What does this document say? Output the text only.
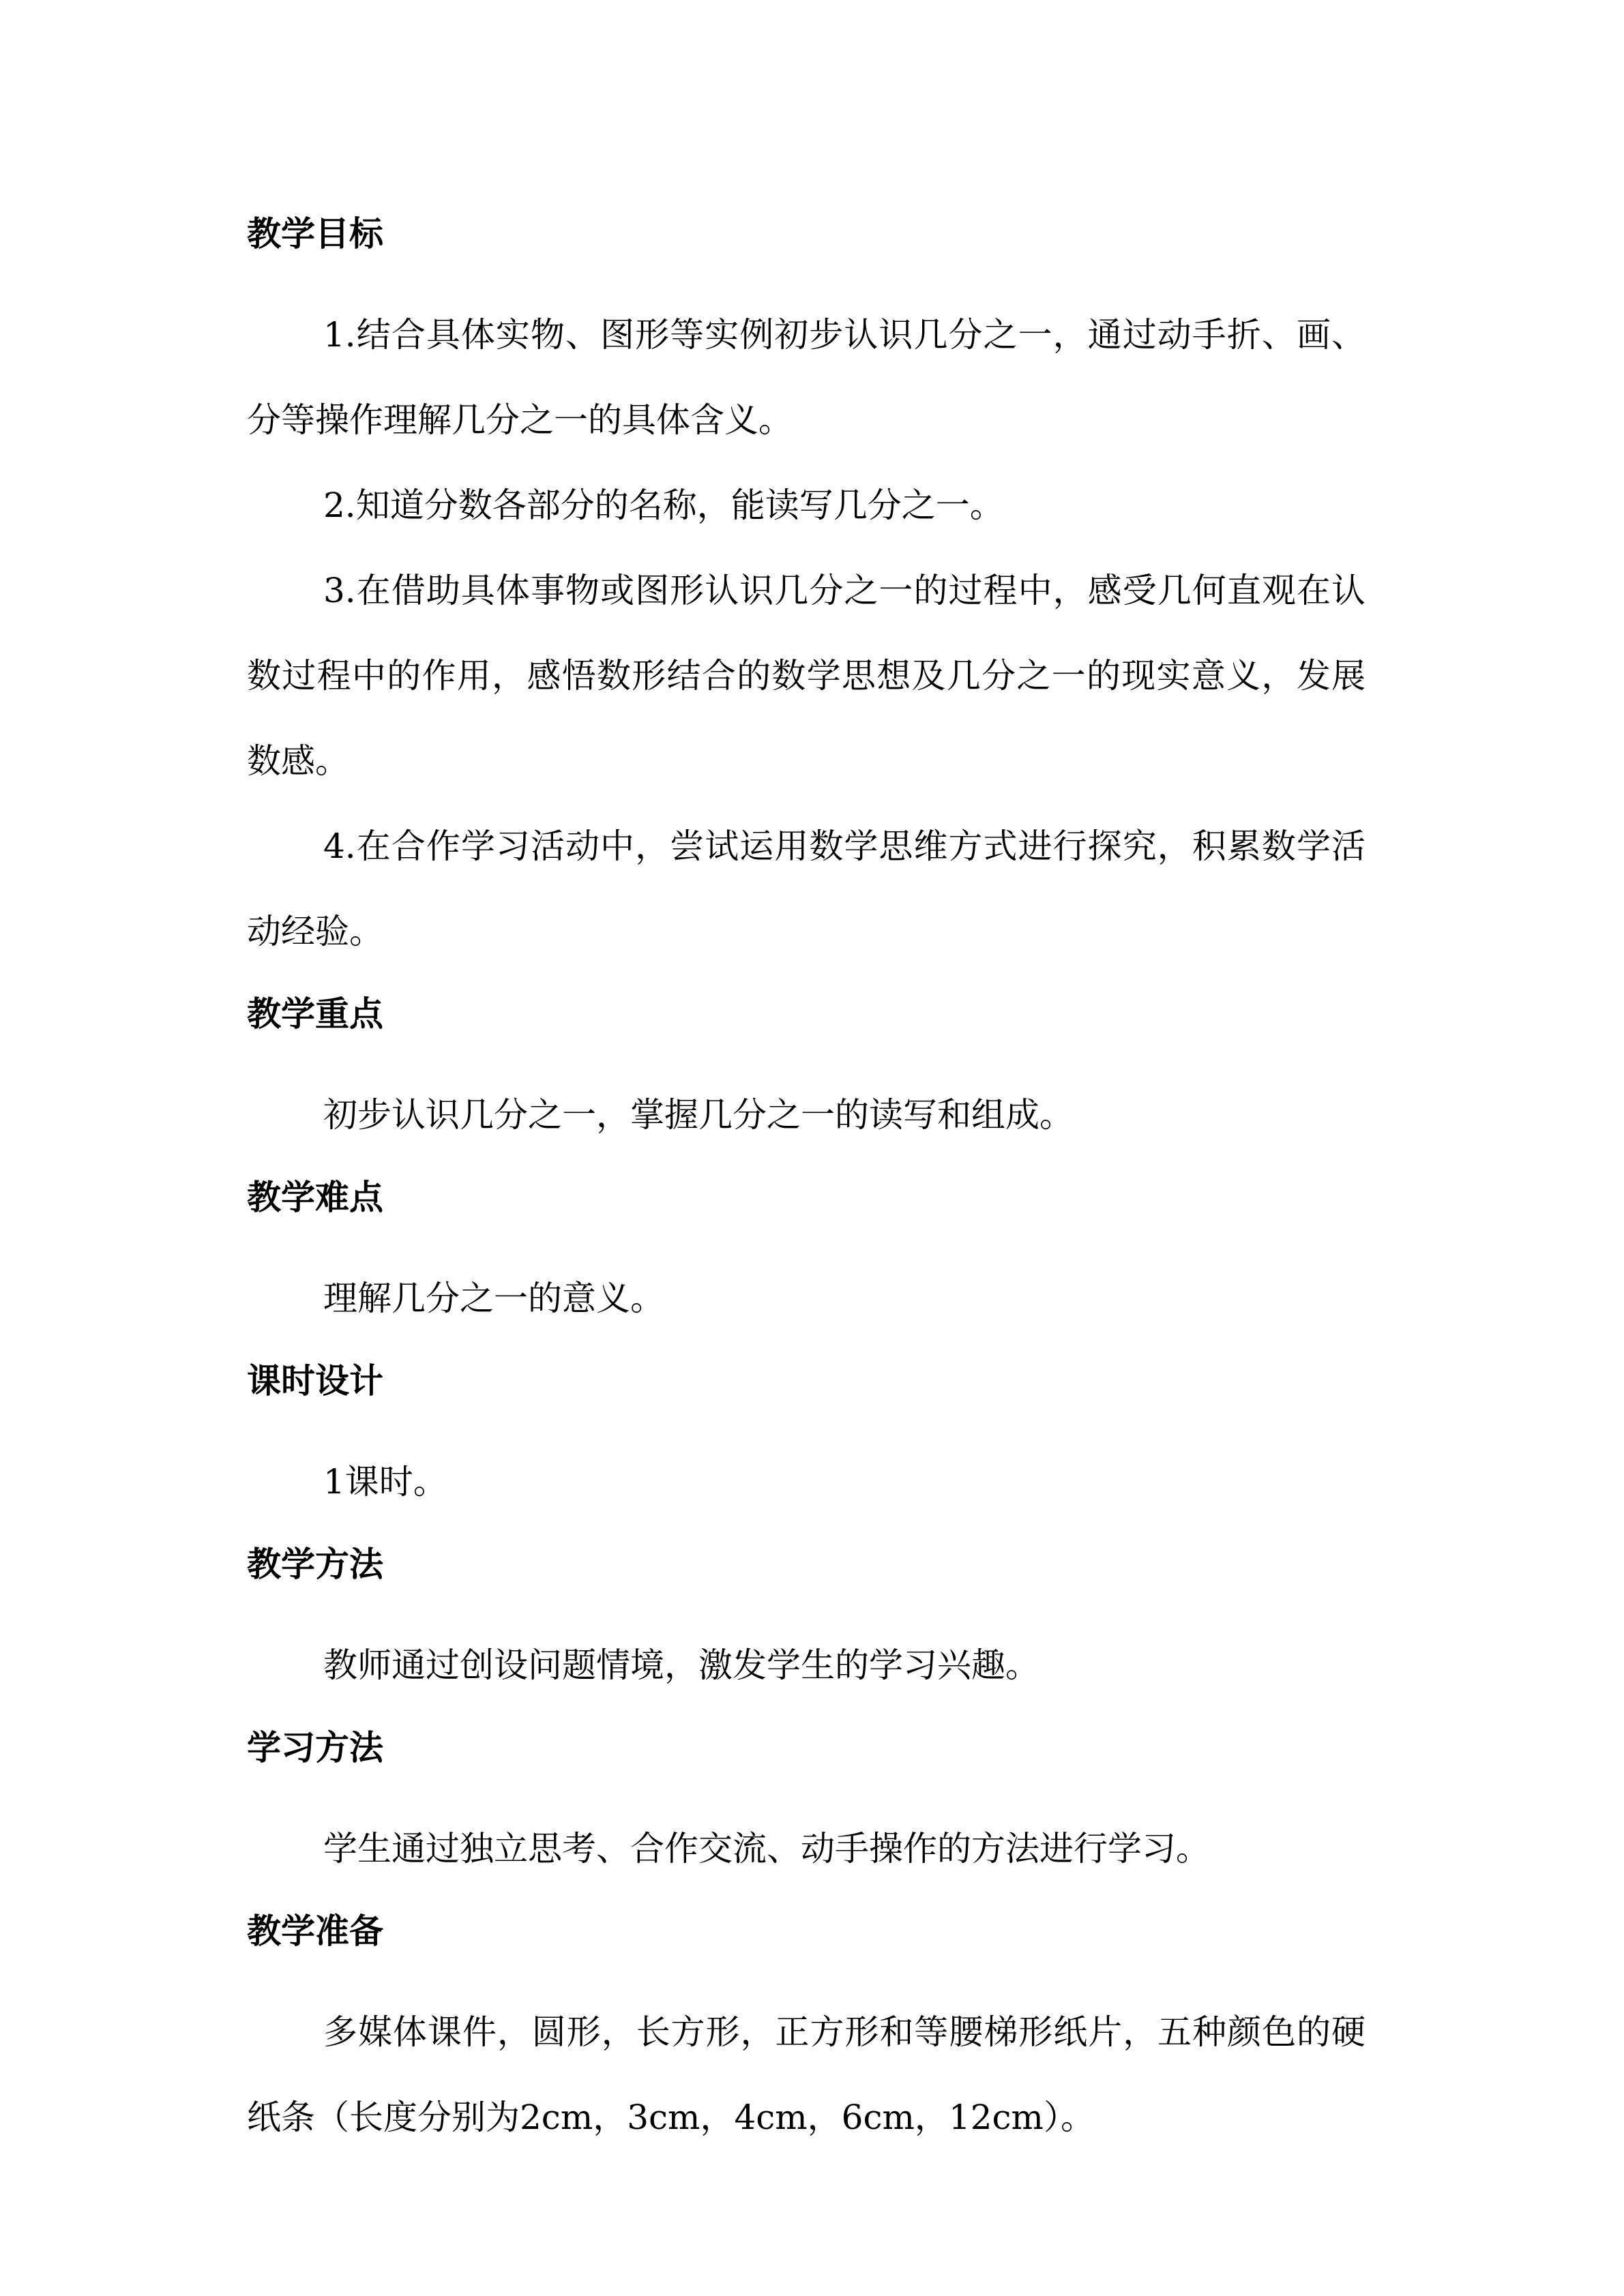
教学目标

1.结合具体实物、图形等实例初步认识几分之一，通过动手折、画、分等操作理解几分之一的具体含义。

2.知道分数各部分的名称，能读写几分之一。

3.在借助具体事物或图形认识几分之一的过程中，感受几何直观在认数过程中的作用，感悟数形结合的数学思想及几分之一的现实意义，发展数感。

4.在合作学习活动中，尝试运用数学思维方式进行探究，积累数学活动经验。

教学重点

初步认识几分之一，掌握几分之一的读写和组成。

教学难点

理解几分之一的意义。

课时设计

1课时。

教学方法

教师通过创设问题情境，激发学生的学习兴趣。

学习方法

学生通过独立思考、合作交流、动手操作的方法进行学习。

教学准备

多媒体课件，圆形，长方形，正方形和等腰梯形纸片，五种颜色的硬纸条（长度分别为2cm，3cm，4cm，6cm，12cm）。
